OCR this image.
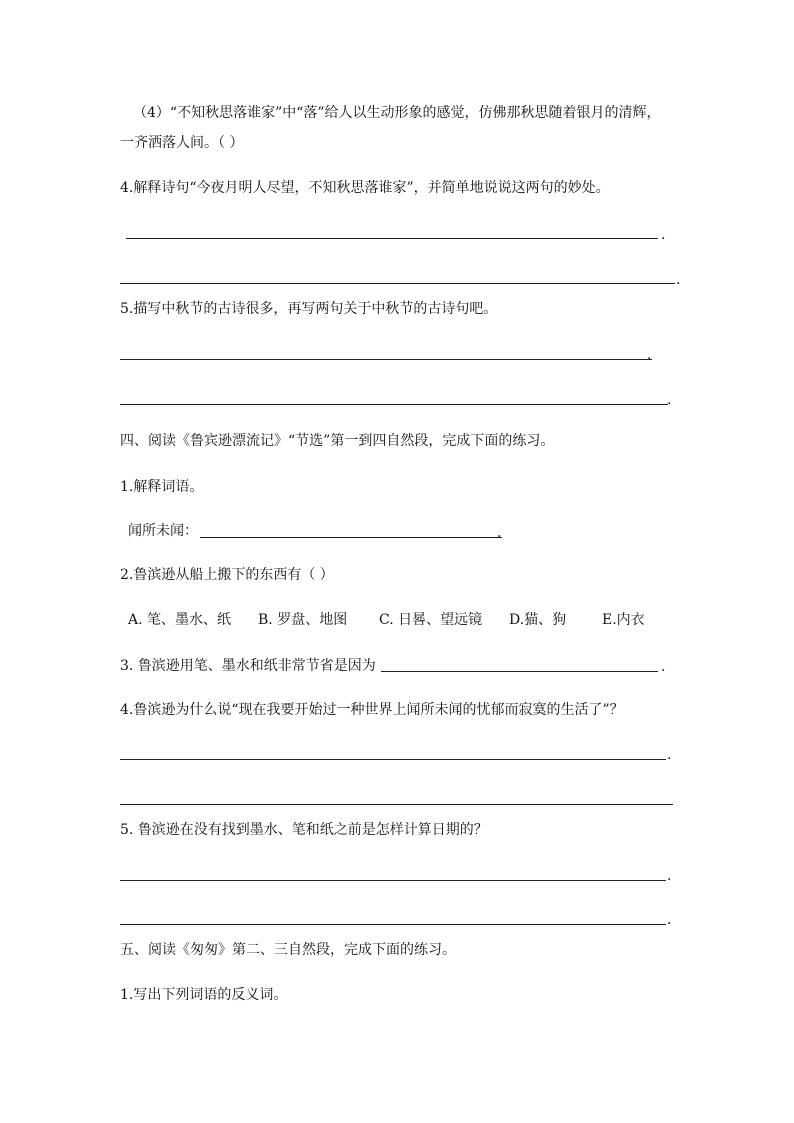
（4）“不知秋思落谁家”中“落”给人以生动形象的感觉，仿佛那秋思随着银月的清辉，
一齐洒落人间。（ ）
4.解释诗句“今夜月明人尽望，不知秋思落谁家”，并简单地说说这两句的妙处。
.
.
5.描写中秋节的古诗很多，再写两句关于中秋节的古诗句吧。
.
.
四、阅读《鲁宾逊漂流记》“节选”第一到四自然段，完成下面的练习。
1.解释词语。
闻所未闻：	.
2.鲁滨逊从船上搬下的东西有（ ）
A. 笔、墨水、纸 B. 罗盘、地图 C. 日晷、望远镜 D.猫、狗	E.内衣
3. 鲁滨逊用笔、墨水和纸非常节省是因为	.
4.鲁滨逊为什么说“现在我要开始过一种世界上闻所未闻的忧郁而寂寞的生活了”？
.
5. 鲁滨逊在没有找到墨水、笔和纸之前是怎样计算日期的？
.
.
五、阅读《匆匆》第二、三自然段，完成下面的练习。
1.写出下列词语的反义词。
